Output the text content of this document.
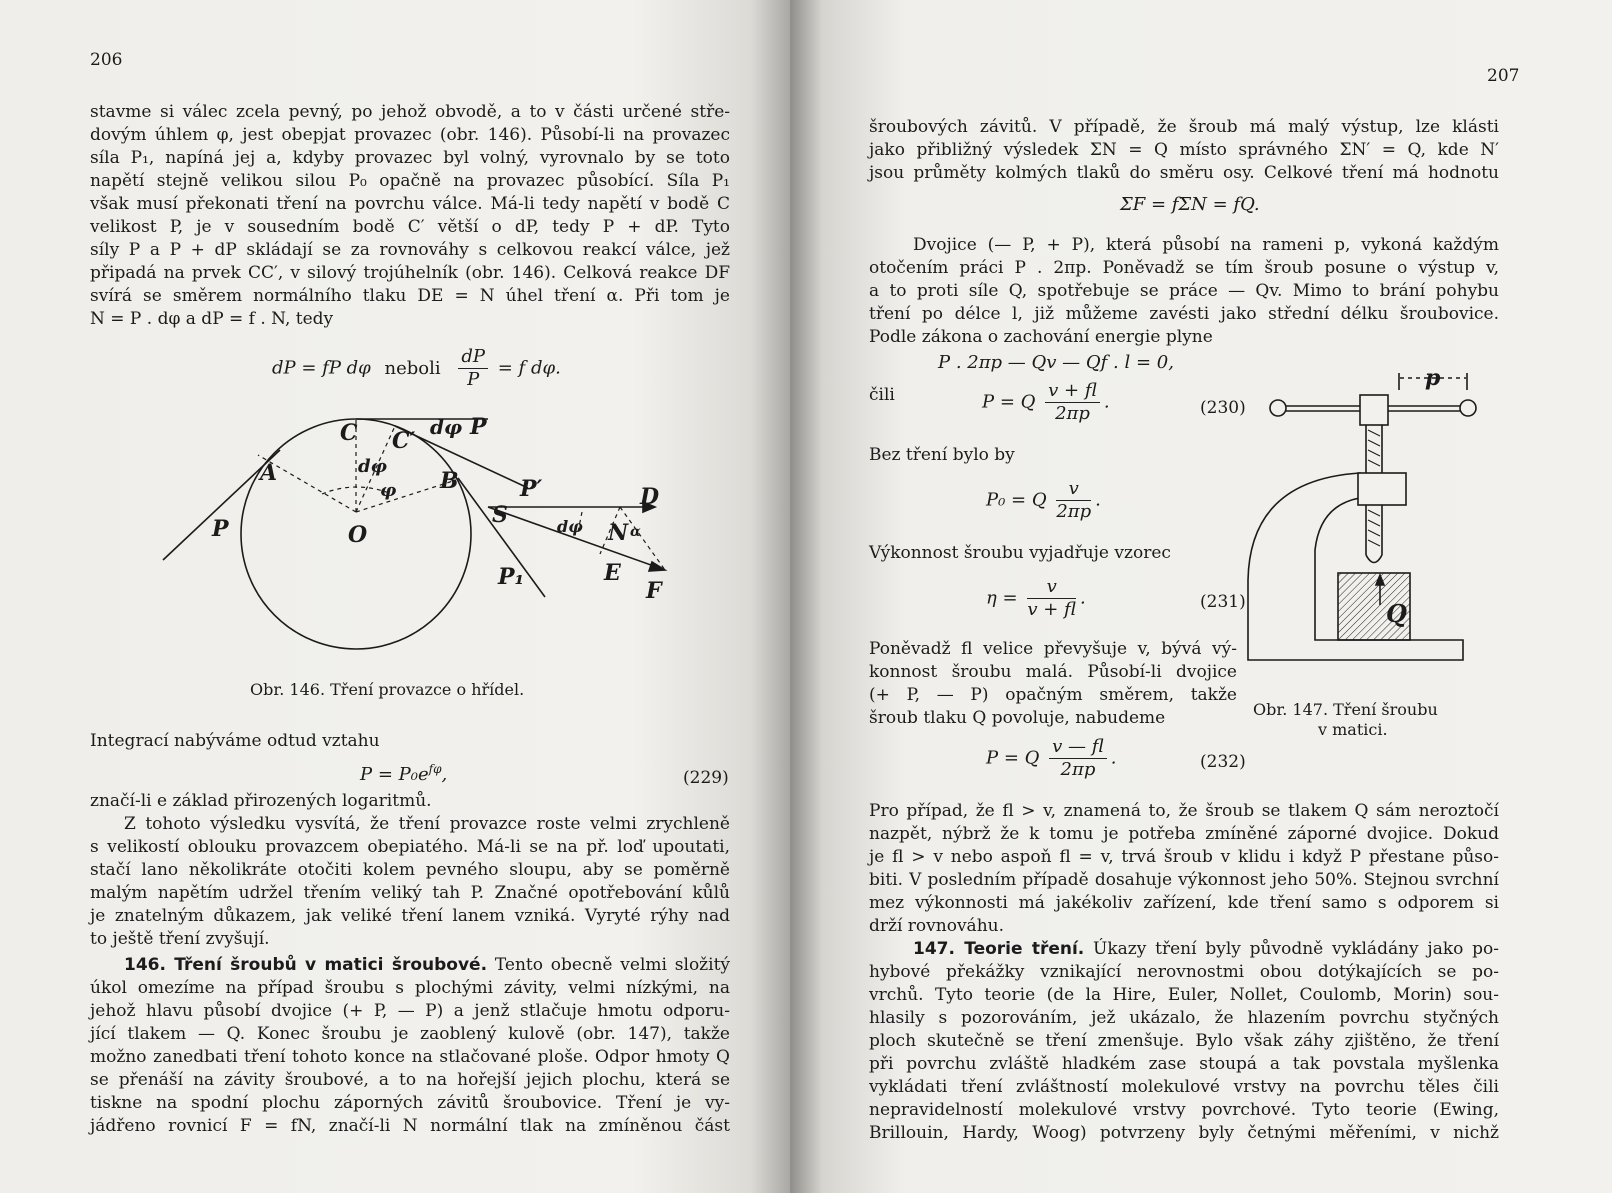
206
stavme si válec zcela pevný, po jehož obvodě, a to v části určené stře-
dovým úhlem φ, jest obepjat provazec (obr. 146). Působí-li na provazec
síla P₁, napíná jej a, kdyby provazec byl volný, vyrovnalo by se toto
napětí stejně velikou silou P₀ opačně na provazec působící. Síla P₁
však musí překonati tření na povrchu válce. Má-li tedy napětí v bodě C
velikost P, je v sousedním bodě C′ větší o dP, tedy P + dP. Tyto
síly P a P + dP skládají se za rovnováhy s celkovou reakcí válce, jež
připadá na prvek CC′, v silový trojúhelník (obr. 146). Celková reakce DF
svírá se směrem normálního tlaku DE = N úhel tření α. Při tom je
N = P . dφ a dP = f . N, tedy
dP = fP dφ neboli $\frac{dP}{P} = f$ dφ.
C C′
dφ P
A	dφ
φ B	P′
S
D
P	O	dφ N α
E
P₁
F
Obr. 146. Tření provazce o hřídel.
Integrací nabýváme odtud vztahu
$P = P_0e^{f\varphi}$,	(229)
značí-li e základ přirozených logaritmů.
Z tohoto výsledku vysvítá, že tření provazce roste velmi zrychleně
s velikostí oblouku provazcem obepiatého. Má-li se na př. loď upoutati,
stačí lano několikráte otočiti kolem pevného sloupu, aby se poměrně
malým napětím udržel třením veliký tah P. Značné opotřebování kůlů
je znatelným důkazem, jak veliké tření lanem vzniká. Vyryté rýhy nad
to ještě tření zvyšují.
146. Tření šroubů v matici šroubové. Tento obecně velmi složitý
úkol omezíme na případ šroubu s plochými závity, velmi nízkými, na
jehož hlavu působí dvojice (+ P, — P) a jenž stlačuje hmotu odporu-
jící tlakem — Q. Konec šroubu je zaoblený kulově (obr. 147), takže
možno zanedbati tření tohoto konce na stlačované ploše. Odpor hmoty Q
se přenáší na závity šroubové, a to na hořejší jejich plochu, která se
tiskne na spodní plochu záporných závitů šroubovice. Tření je vy-
jádřeno rovnicí F = fN, značí-li N normální tlak na zmíněnou část
207
šroubových závitů. V případě, že šroub má malý výstup, lze klásti
jako přibližný výsledek ΣN = Q místo správného ΣN′ = Q, kde N′
jsou průměty kolmých tlaků do směru osy. Celkové tření má hodnotu
ΣF = fΣN = fQ.
Dvojice (— P, + P), která působí na rameni p, vykoná každým
otočením práci P . 2πp. Poněvadž se tím šroub posune o výstup v,
a to proti síle Q, spotřebuje se práce — Qv. Mimo to brání pohybu
tření po délce l, již můžeme zavésti jako střední délku šroubovice.
Podle zákona o zachování energie plyne
P . 2πp — Qv — Qf . l = 0,
čili	P = Q $\frac{v + fl}{2\pi p}$ .	(230)
Bez tření bylo by
P₀ = Q $\frac{v}{2\pi p}$ .
Výkonnost šroubu vyjadřuje vzorec
$\eta = \frac{v}{v + fl}$ .	(231)
Poněvadž fl velice převyšuje v, bývá vý-
konnost šroubu malá. Působí-li dvojice
(+ P, — P) opačným směrem, takže
šroub tlaku Q povoluje, nabudeme
P = Q $\frac{v — fl}{2\pi p}$ .	(232)
p
Q
Obr. 147. Tření šroubu
v matici.
Pro případ, že fl > v, znamená to, že šroub se tlakem Q sám neroztočí
nazpět, nýbrž že k tomu je potřeba zmíněné záporné dvojice. Dokud
je fl > v nebo aspoň fl = v, trvá šroub v klidu i když P přestane půso-
biti. V posledním případě dosahuje výkonnost jeho 50%. Stejnou svrchní
mez výkonnosti má jakékoliv zařízení, kde tření samo s odporem si
drží rovnováhu.
147. Teorie tření. Úkazy tření byly původně vykládány jako po-
hybové překážky vznikající nerovnostmi obou dotýkajících se po-
vrchů. Tyto teorie (de la Hire, Euler, Nollet, Coulomb, Morin) sou-
hlasily s pozorováním, jež ukázalo, že hlazením povrchu styčných
ploch skutečně se tření zmenšuje. Bylo však záhy zjištěno, že tření
při povrchu zvláště hladkém zase stoupá a tak povstala myšlenka
vykládati tření zvláštností molekulové vrstvy na povrchu těles čili
nepravidelností molekulové vrstvy povrchové. Tyto teorie (Ewing,
Brillouin, Hardy, Woog) potvrzeny byly četnými měřeními, v nichž
